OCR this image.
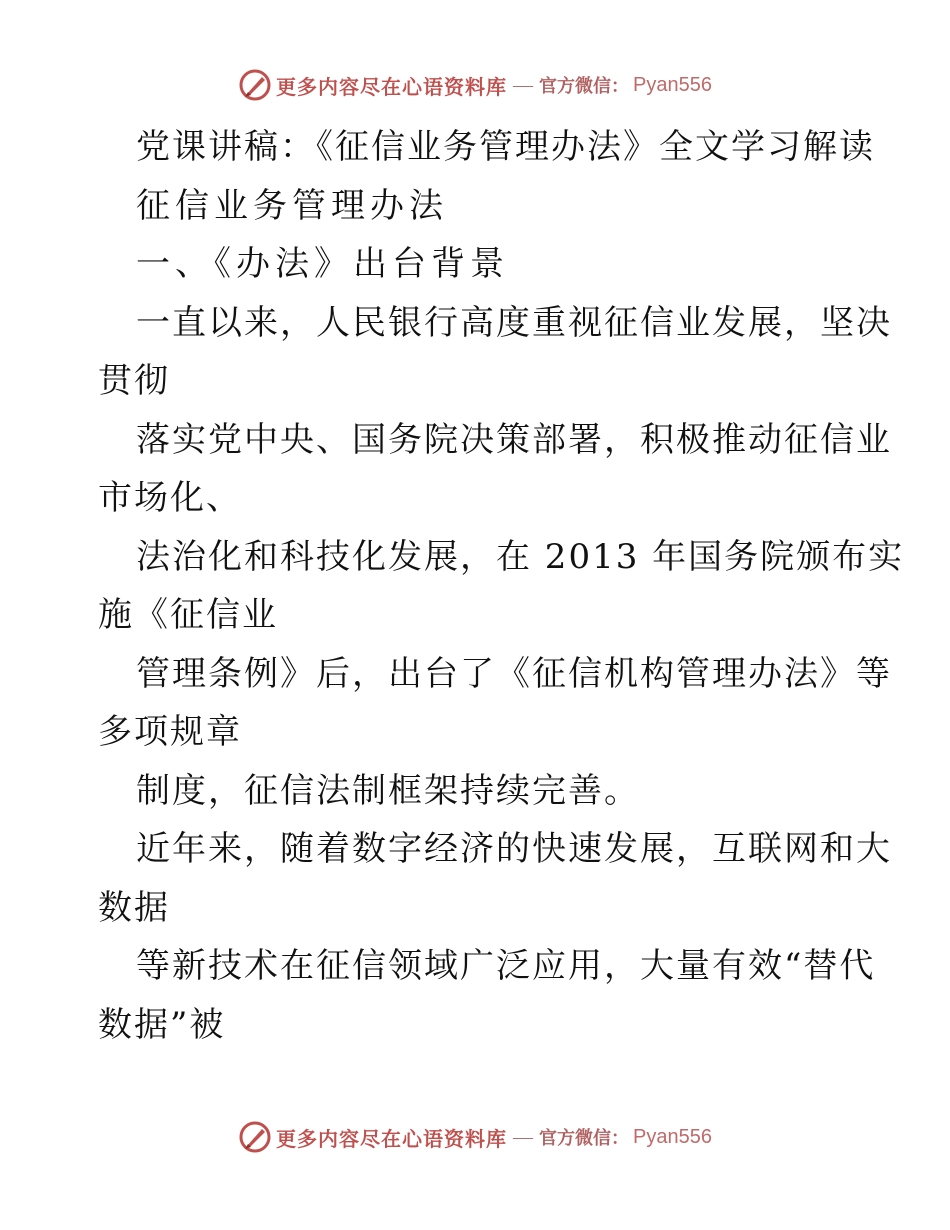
更多内容尽在心语资料库 — 官方微信： Pyan556
党课讲稿：《征信业务管理办法》全文学习解读
征信业务管理办法
一、《办法》出台背景
一直以来，人民银行高度重视征信业发展，坚决
贯彻
落实党中央、国务院决策部署，积极推动征信业
市场化、
法治化和科技化发展，在 2013 年国务院颁布实
施《征信业
管理条例》后，出台了《征信机构管理办法》等
多项规章
制度，征信法制框架持续完善。
近年来，随着数字经济的快速发展，互联网和大
数据
等新技术在征信领域广泛应用，大量有效“替代
数据”被
更多内容尽在心语资料库 — 官方微信： Pyan556
